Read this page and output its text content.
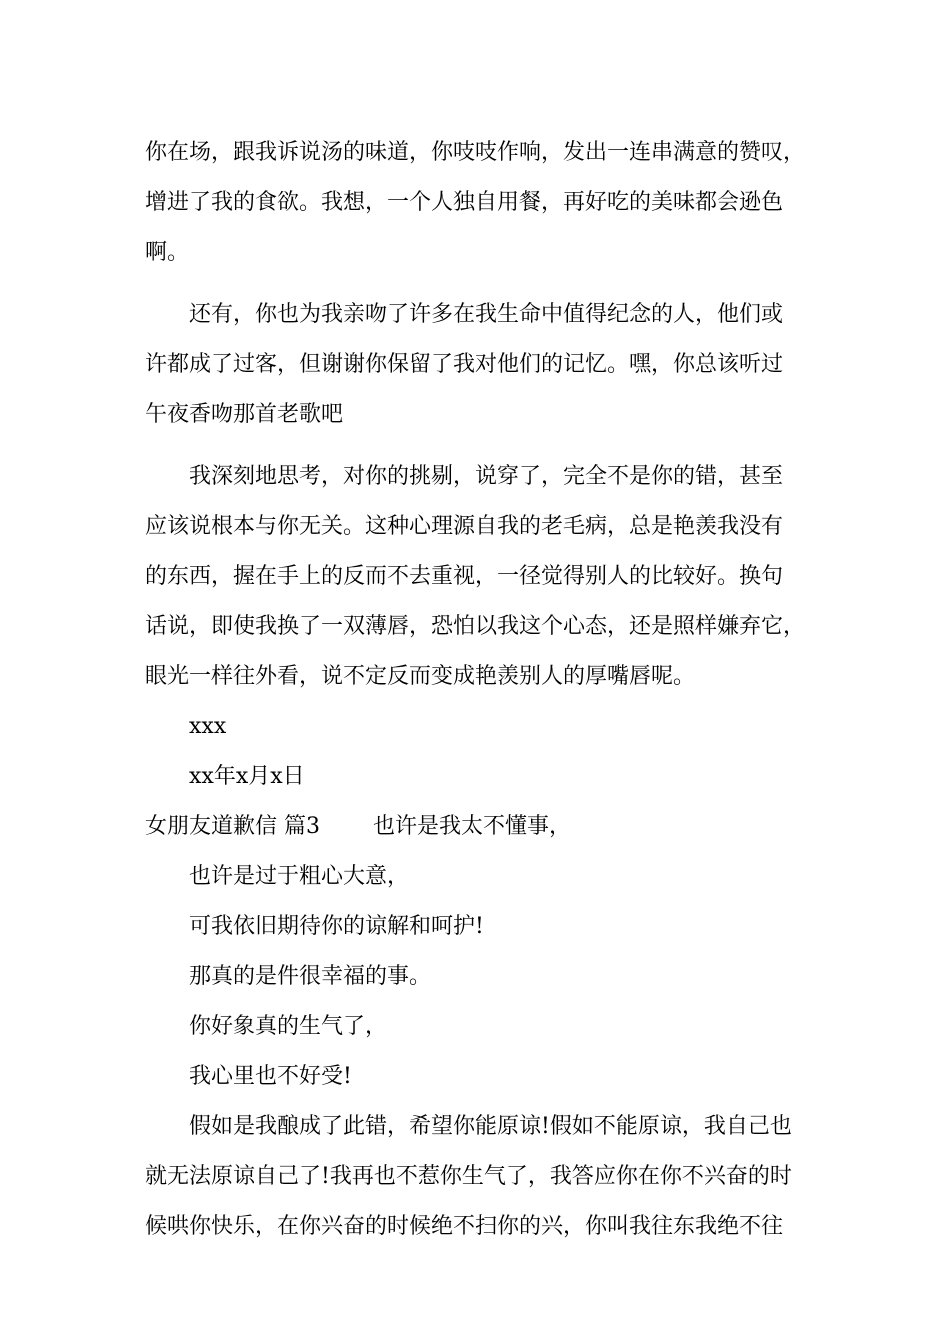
你在场，跟我诉说汤的味道，你吱吱作响，发出一连串满意的赞叹，
增进了我的食欲。我想，一个人独自用餐，再好吃的美味都会逊色
啊。
还有，你也为我亲吻了许多在我生命中值得纪念的人，他们或
许都成了过客，但谢谢你保留了我对他们的记忆。嘿，你总该听过
午夜香吻那首老歌吧
我深刻地思考，对你的挑剔，说穿了，完全不是你的错，甚至
应该说根本与你无关。这种心理源自我的老毛病，总是艳羡我没有
的东西，握在手上的反而不去重视，一径觉得别人的比较好。换句
话说，即使我换了一双薄唇，恐怕以我这个心态，还是照样嫌弃它，
眼光一样往外看，说不定反而变成艳羡别人的厚嘴唇呢。
xxx
xx年x月x日
女朋友道歉信 篇3 也许是我太不懂事，
也许是过于粗心大意，
可我依旧期待你的谅解和呵护!
那真的是件很幸福的事。
你好象真的生气了，
我心里也不好受!
假如是我酿成了此错，希望你能原谅!假如不能原谅，我自己也
就无法原谅自己了!我再也不惹你生气了，我答应你在你不兴奋的时
候哄你快乐，在你兴奋的时候绝不扫你的兴，你叫我往东我绝不往
